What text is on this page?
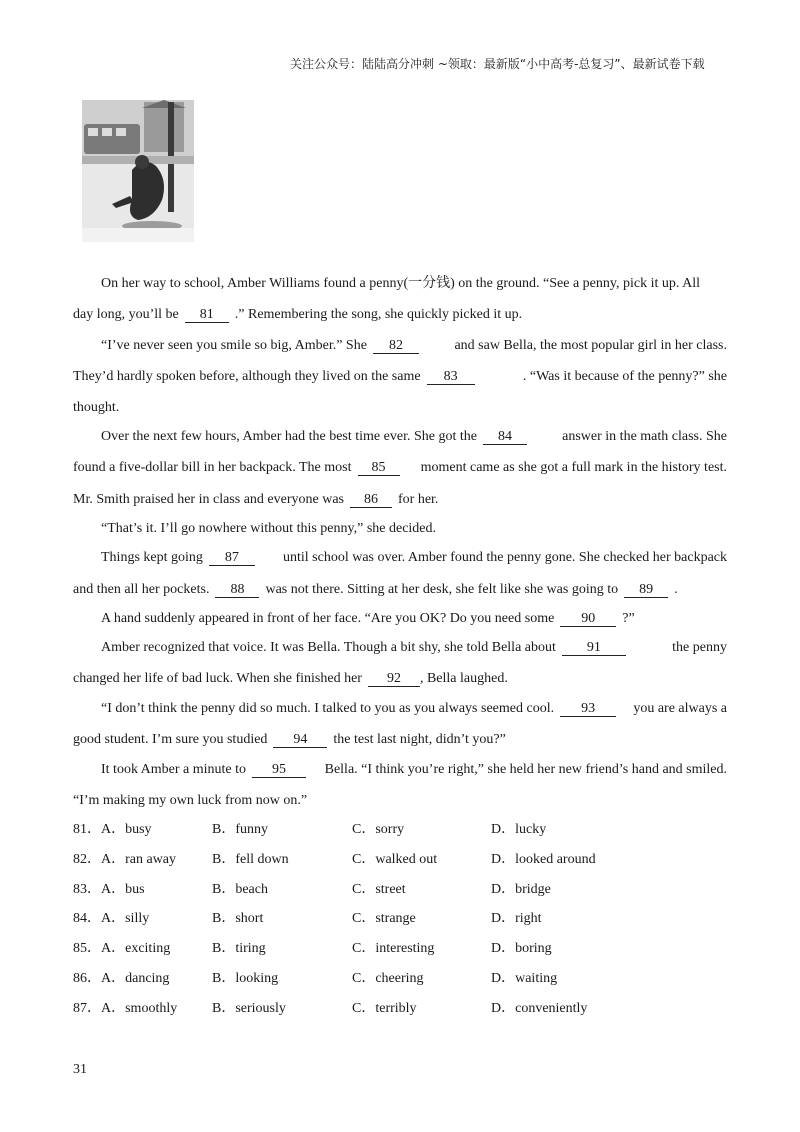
关注公众号：陆陆高分冲刺 ~领取：最新版“小中高考-总复习”、最新试卷下载
On her way to school, Amber Williams found a penny(一分钱) on the ground. “See a penny, pick it up. All
day long, you’ll be 81 .” Remembering the song, she quickly picked it up.
“I’ve never seen you smile so big, Amber.” She 82	and saw Bella, the most popular girl in her class.
They’d hardly spoken before, although they lived on the same 83	. “Was it because of the penny?” she
thought.
Over the next few hours, Amber had the best time ever. She got the 84	answer in the math class. She
found a five-dollar bill in her backpack. The most 85	moment came as she got a full mark in the history test.
Mr. Smith praised her in class and everyone was 86 for her.
“That’s it. I’ll go nowhere without this penny,” she decided.
Things kept going 87	until school was over. Amber found the penny gone. She checked her backpack
and then all her pockets. 88 was not there. Sitting at her desk, she felt like she was going to 89 .
A hand suddenly appeared in front of her face. “Are you OK? Do you need some 90 ?”
Amber recognized that voice. It was Bella. Though a bit shy, she told Bella about 91	the penny
changed her life of bad luck. When she finished her 92 , Bella laughed.
“I don’t think the penny did so much. I talked to you as you always seemed cool. 93	you are always a
good student. I’m sure you studied 94 the test last night, didn’t you?”
It took Amber a minute to 95	Bella. “I think you’re right,” she held her new friend’s hand and smiled.
“I’m making my own luck from now on.”
81．A．busy	B．funny	C．sorry	D．lucky
82．A．ran away	B．fell down	C．walked out	D．looked around
83．A．bus	B．beach	C．street	D．bridge
84．A．silly	B．short	C．strange	D．right
85．A．exciting	B．tiring	C．interesting	D．boring
86．A．dancing	B．looking	C．cheering	D．waiting
87．A．smoothly B．seriously	C．terribly	D．conveniently
31
